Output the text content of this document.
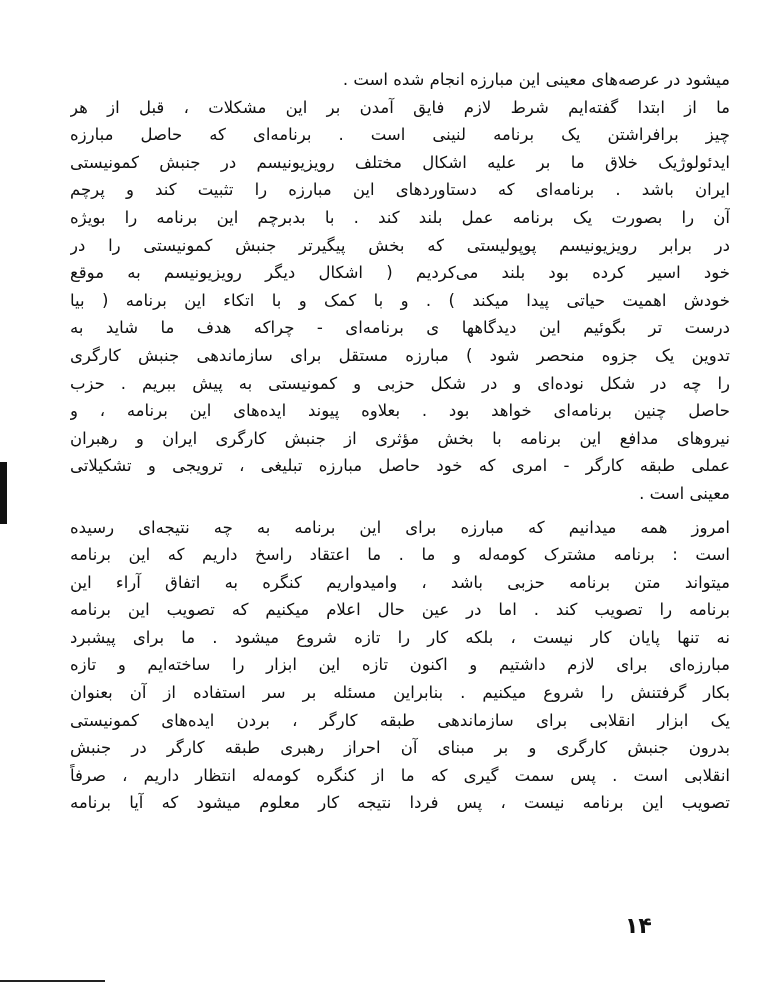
میشود در عرصه‌های معینی این مبارزه انجام شده است .
ما از ابتدا گفته‌ایم شرط لازم فایق آمدن بر این مشکلات ، قبل از هر
چیز برافراشتن یک برنامه لنینی است . برنامه‌ای که حاصل مبارزه
ایدئولوژیک خلاق ما بر علیه اشکال مختلف رویزیونیسم در جنبش کمونیستی
ایران باشد . برنامه‌ای که دستاوردهای این مبارزه را تثبیت کند و پرچم
آن را بصورت یک برنامه عمل بلند کند . با بدبرچم این برنامه را بویژه
در برابر رویزیونیسم پوپولیستی که بخش پیگیرتر جنبش کمونیستی را در
خود اسیر کرده بود بلند می‌کردیم ( اشکال دیگر رویزیونیسم به موقع
خودش اهمیت حیاتی پیدا میکند ) . و با کمک و با اتکاء این برنامه ( بیا
درست تر بگوئیم این دیدگاهها ی برنامه‌ای - چراکه هدف ما شاید به
تدوین یک جزوه منحصر شود ) مبارزه مستقل برای سازماندهی جنبش کارگری
را چه در شکل نوده‌ای و در شکل حزبی و کمونیستی به پیش ببریم . حزب
حاصل چنین برنامه‌ای خواهد بود . بعلاوه پیوند ایده‌های این برنامه ، و
نیروهای مدافع این برنامه با بخش مؤثری از جنبش کارگری ایران و رهبران
عملی طبقه کارگر - امری که خود حاصل مبارزه تبلیغی ، ترویجی و تشکیلاتی
معینی است .
امروز همه میدانیم که مبارزه برای این برنامه به چه نتیجه‌ای رسیده
است : برنامه مشترک کومه‌له و ما . ما اعتقاد راسخ داریم که این برنامه
میتواند متن برنامه حزبی باشد ، وامیدواریم کنگره به اتفاق آراء این
برنامه را تصویب کند . اما در عین حال اعلام میکنیم که تصویب این برنامه
نه تنها پایان کار نیست ، بلکه کار را تازه شروع میشود . ما برای پیشبرد
مبارزه‌ای برای لازم داشتیم و اکنون تازه این ابزار را ساخته‌ایم و تازه
بکار گرفتنش را شروع میکنیم . بنابراین مسئله بر سر استفاده از آن بعنوان
یک ابزار انقلابی برای سازماندهی طبقه کارگر ، بردن ایده‌های کمونیستی
بدرون جنبش کارگری و بر مبنای آن احراز رهبری طبقه کارگر در جنبش
انقلابی است . پس سمت گیری که ما از کنگره کومه‌له انتظار داریم ، صرفاً
تصویب این برنامه نیست ، پس فردا نتیجه کار معلوم میشود که آیا برنامه
۱۴
